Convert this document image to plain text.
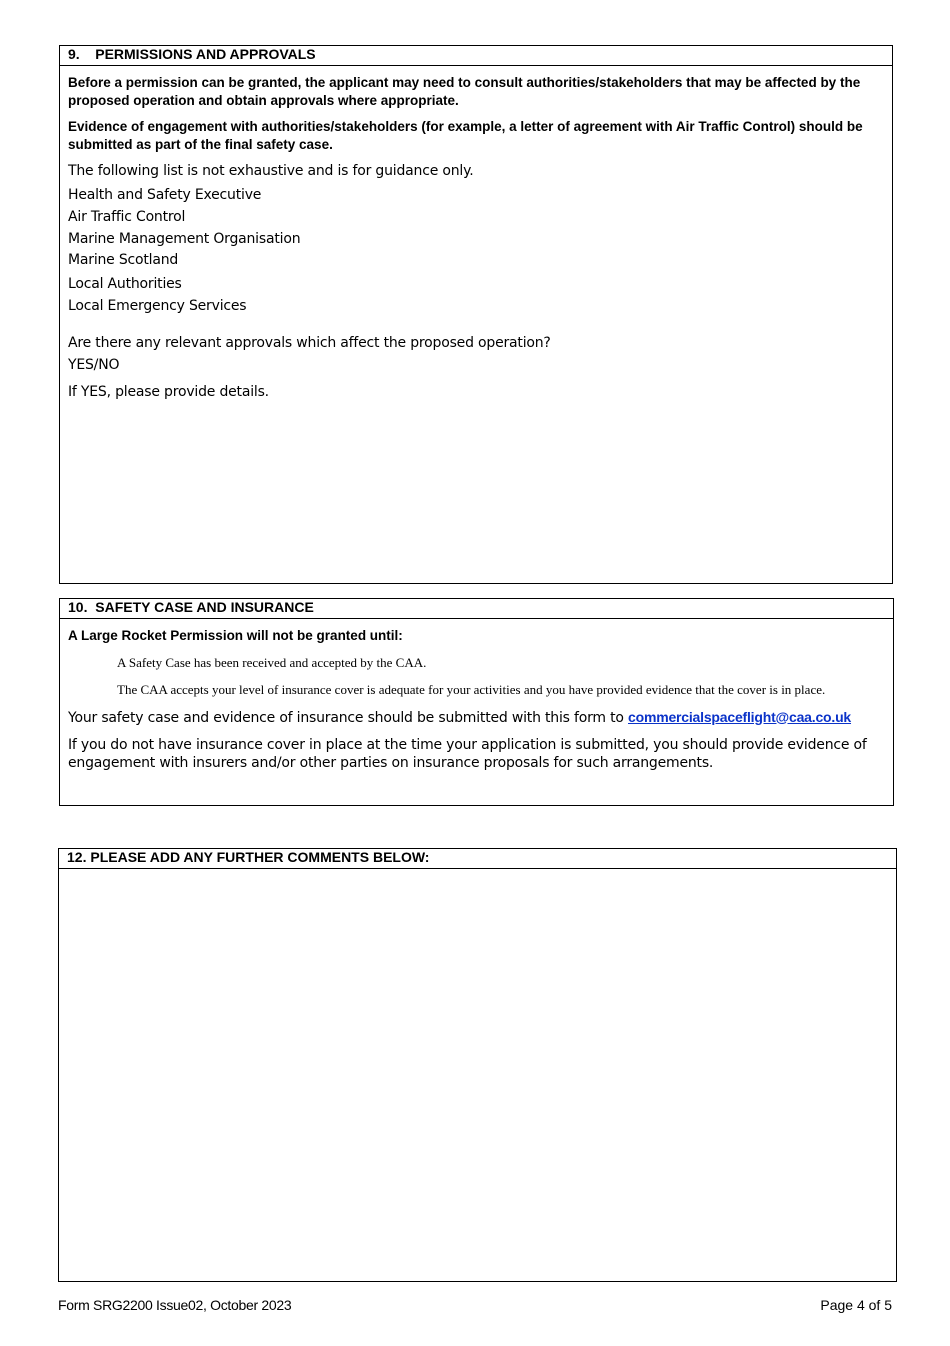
9.    PERMISSIONS AND APPROVALS

Before a permission can be granted, the applicant may need to consult authorities/stakeholders that may be affected by the proposed operation and obtain approvals where appropriate.

Evidence of engagement with authorities/stakeholders (for example, a letter of agreement with Air Traffic Control) should be submitted as part of the final safety case.

The following list is not exhaustive and is for guidance only.

Health and Safety Executive

Air Traffic Control

Marine Management Organisation

Marine Scotland

Local Authorities

Local Emergency Services

Are there any relevant approvals which affect the proposed operation?

YES/NO

If YES, please provide details.

10.  SAFETY CASE AND INSURANCE

A Large Rocket Permission will not be granted until:

A Safety Case has been received and accepted by the CAA.

The CAA accepts your level of insurance cover is adequate for your activities and you have provided evidence that the cover is in place.

Your safety case and evidence of insurance should be submitted with this form to commercialspaceflight@caa.co.uk

If you do not have insurance cover in place at the time your application is submitted, you should provide evidence of engagement with insurers and/or other parties on insurance proposals for such arrangements.

12. PLEASE ADD ANY FURTHER COMMENTS BELOW:
Form SRG2200 Issue02, October 2023	Page 4 of 5
